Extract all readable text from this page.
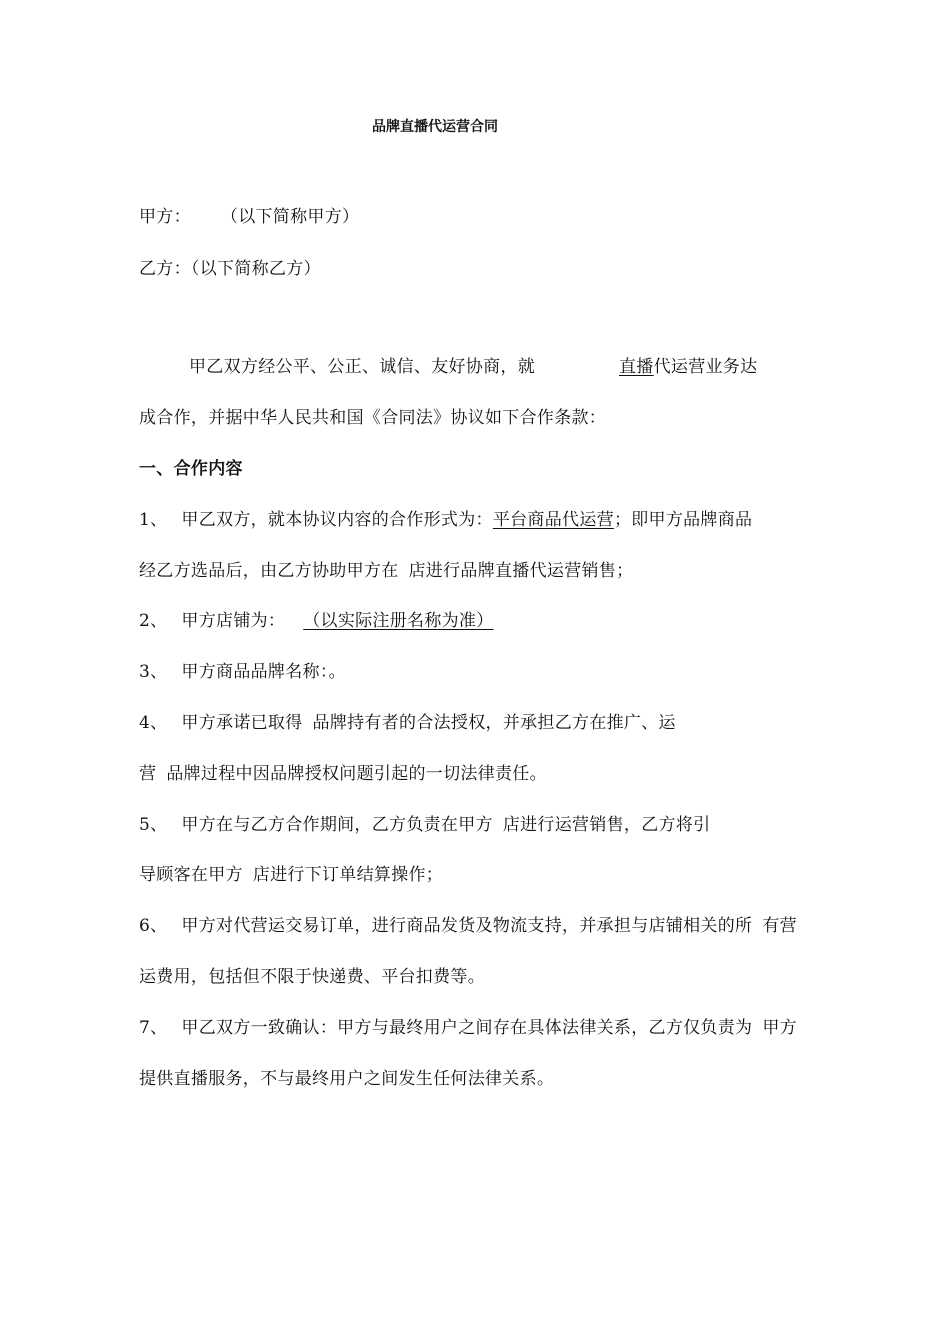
品牌直播代运营合同
甲方： （以下简称甲方）
乙方：（以下简称乙方）
甲乙双方经公平、公正、诚信、友好协商，就	直播代运营业务达
成合作，并据中华人民共和国《合同法》协议如下合作条款：
一、合作内容
1、 甲乙双方，就本协议内容的合作形式为：平台商品代运营；即甲方品牌商品
经乙方选品后，由乙方协助甲方在 店进行品牌直播代运营销售；
2、 甲方店铺为： （以实际注册名称为准）
3、 甲方商品品牌名称：。
4、 甲方承诺已取得 品牌持有者的合法授权，并承担乙方在推广、运
营 品牌过程中因品牌授权问题引起的一切法律责任。
5、 甲方在与乙方合作期间，乙方负责在甲方 店进行运营销售，乙方将引
导顾客在甲方 店进行下订单结算操作；
6、 甲方对代营运交易订单，进行商品发货及物流支持，并承担与店铺相关的所 有营
运费用，包括但不限于快递费、平台扣费等。
7、 甲乙双方一致确认：甲方与最终用户之间存在具体法律关系，乙方仅负责为 甲方
提供直播服务，不与最终用户之间发生任何法律关系。
